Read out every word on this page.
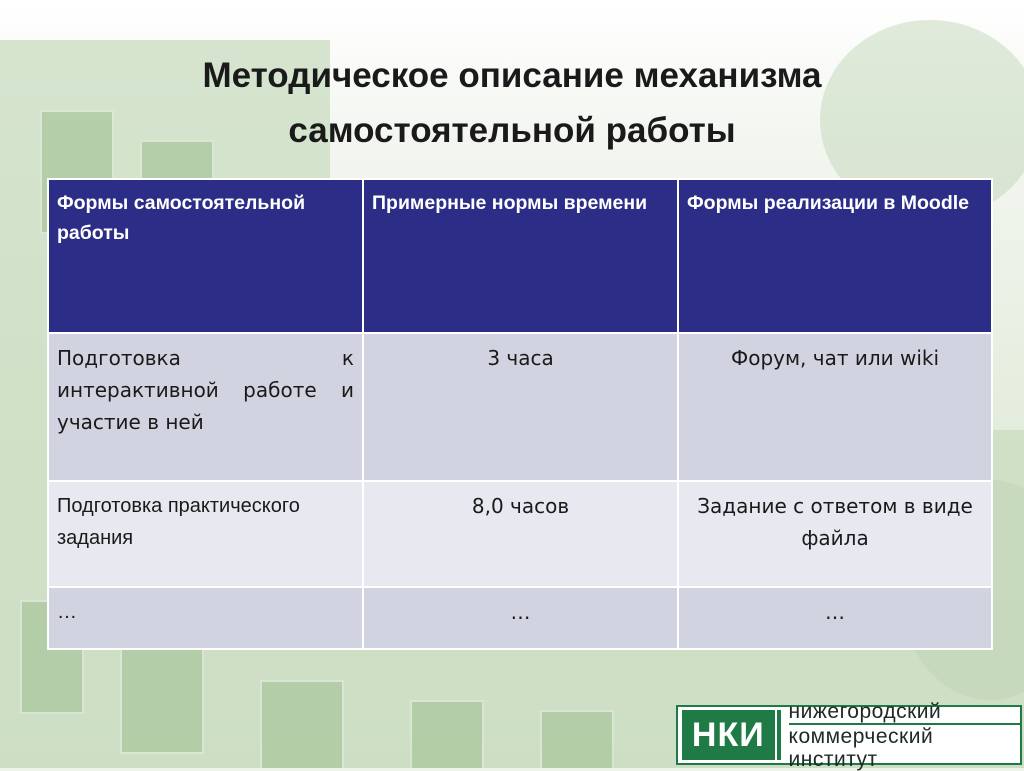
Методическое описание механизма
самостоятельной работы
Формы самостоятельной работы	Примерные нормы времени	Формы реализации в Moodle
Подготовка к интерактивной работе и участие в ней	3 часа	Форум, чат или wiki
Подготовка практического задания	8,0 часов	Задание с ответом в виде файла
…	…	…
НКИ
нижегородский
коммерческий институт
